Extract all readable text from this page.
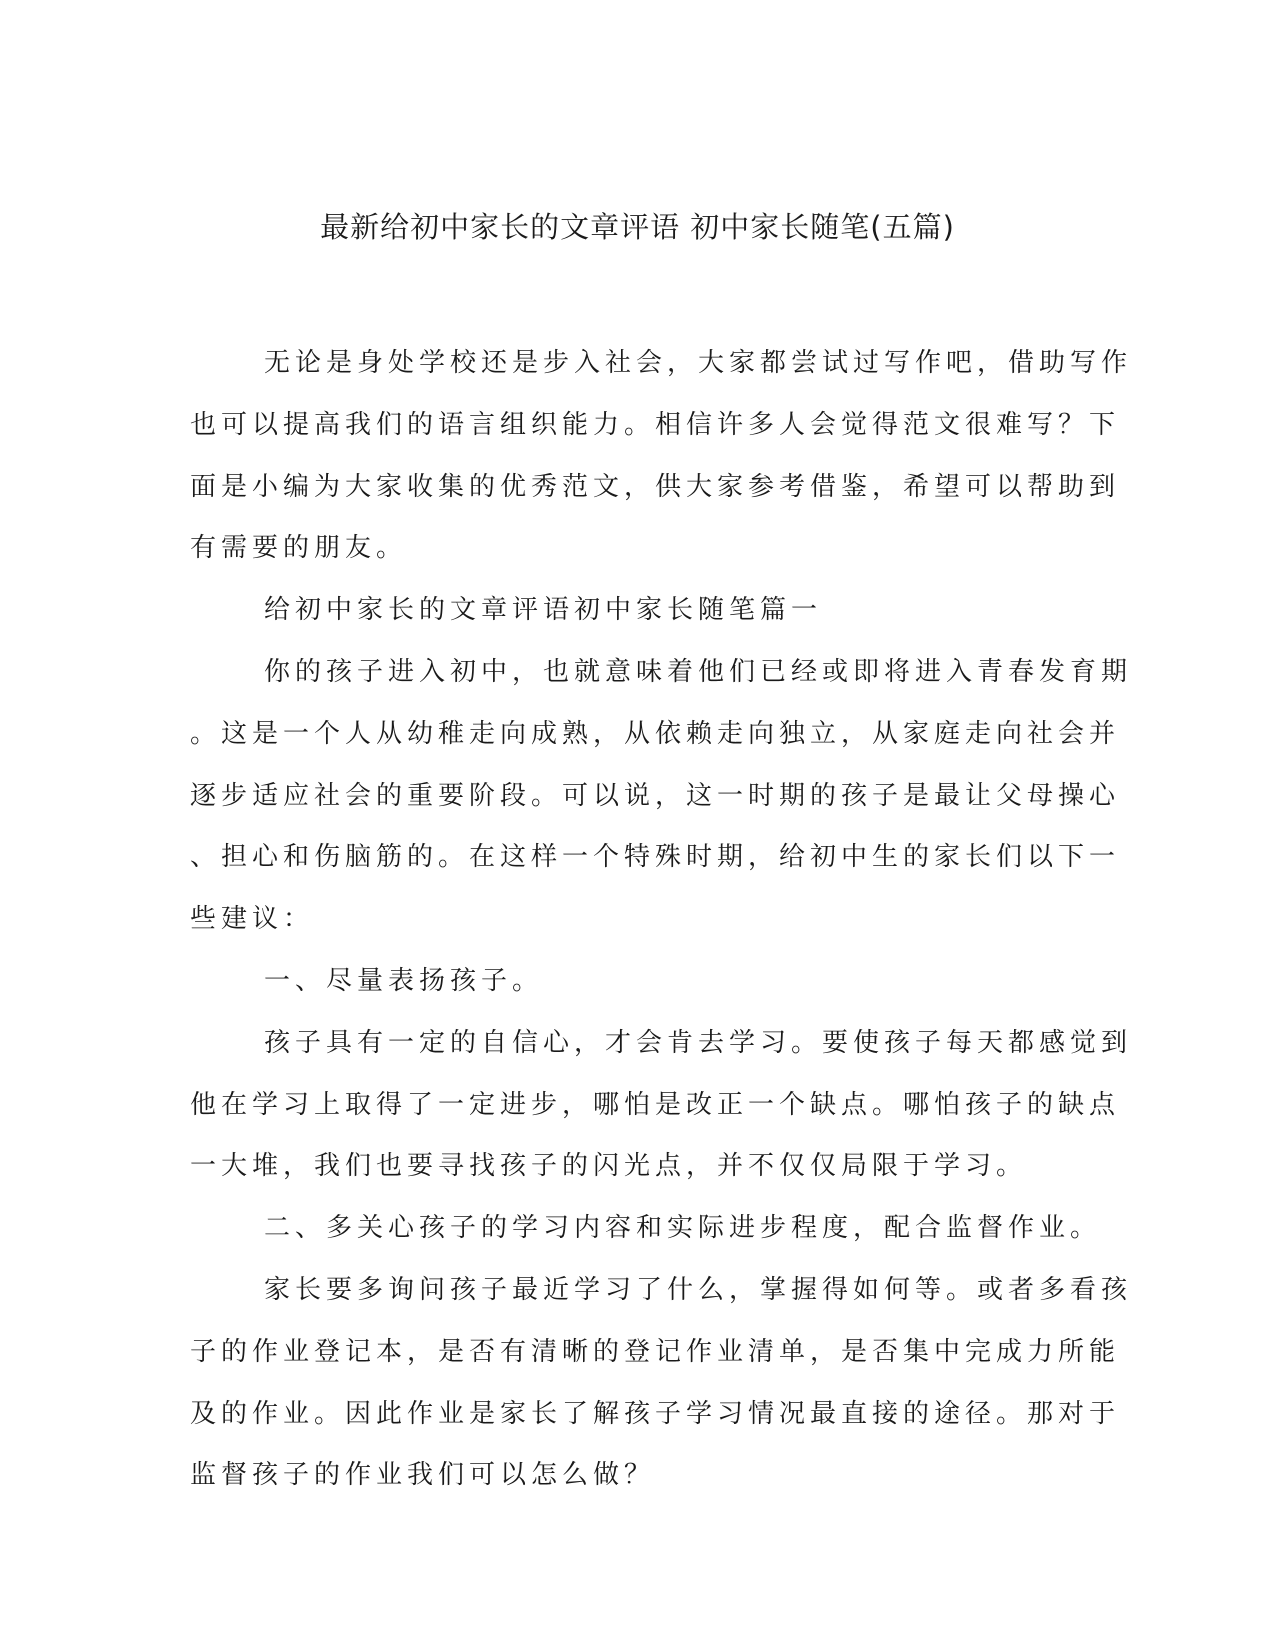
最新给初中家长的文章评语 初中家长随笔(五篇)
无论是身处学校还是步入社会，大家都尝试过写作吧，借助写作
也可以提高我们的语言组织能力。相信许多人会觉得范文很难写？下
面是小编为大家收集的优秀范文，供大家参考借鉴，希望可以帮助到
有需要的朋友。
给初中家长的文章评语初中家长随笔篇一
你的孩子进入初中，也就意味着他们已经或即将进入青春发育期
。这是一个人从幼稚走向成熟，从依赖走向独立，从家庭走向社会并
逐步适应社会的重要阶段。可以说，这一时期的孩子是最让父母操心
、担心和伤脑筋的。在这样一个特殊时期，给初中生的家长们以下一
些建议：
一、尽量表扬孩子。
孩子具有一定的自信心，才会肯去学习。要使孩子每天都感觉到
他在学习上取得了一定进步，哪怕是改正一个缺点。哪怕孩子的缺点
一大堆，我们也要寻找孩子的闪光点，并不仅仅局限于学习。
二、多关心孩子的学习内容和实际进步程度，配合监督作业。
家长要多询问孩子最近学习了什么，掌握得如何等。或者多看孩
子的作业登记本，是否有清晰的登记作业清单，是否集中完成力所能
及的作业。因此作业是家长了解孩子学习情况最直接的途径。那对于
监督孩子的作业我们可以怎么做？
